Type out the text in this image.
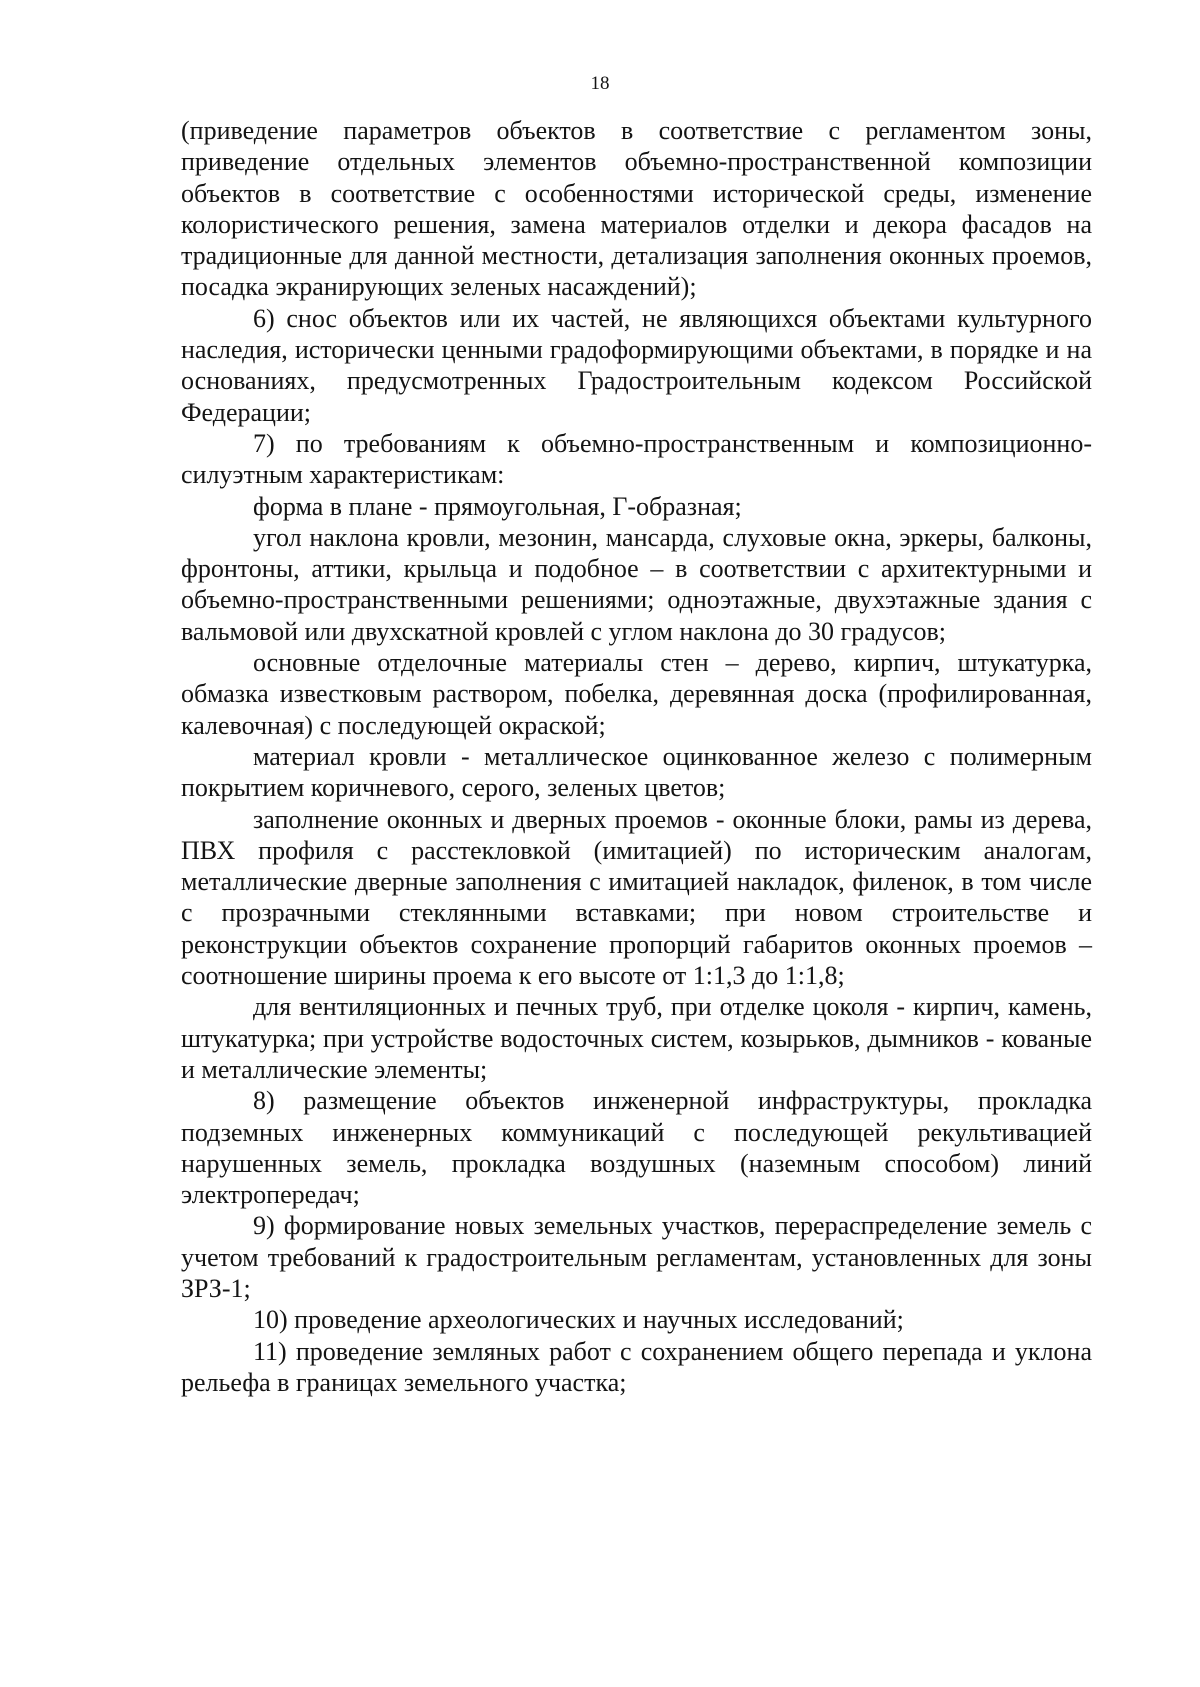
18

(приведение параметров объектов в соответствие с регламентом зоны, приведение отдельных элементов объемно-пространственной композиции объектов в соответствие с особенностями исторической среды, изменение колористического решения, замена материалов отделки и декора фасадов на традиционные для данной местности, детализация заполнения оконных проемов, посадка экранирующих зеленых насаждений);

6) снос объектов или их частей, не являющихся объектами культурного наследия, исторически ценными градоформирующими объектами, в порядке и на основаниях, предусмотренных Градостроительным кодексом Российской Федерации;

7) по требованиям к объемно-пространственным и композиционно-силуэтным характеристикам:

форма в плане - прямоугольная, Г-образная;

угол наклона кровли, мезонин, мансарда, слуховые окна, эркеры, балконы, фронтоны, аттики, крыльца и подобное – в соответствии с архитектурными и объемно-пространственными решениями; одноэтажные, двухэтажные здания с вальмовой или двухскатной кровлей с углом наклона до 30 градусов;

основные отделочные материалы стен – дерево, кирпич, штукатурка, обмазка известковым раствором, побелка, деревянная доска (профилированная, калевочная) с последующей окраской;

материал кровли - металлическое оцинкованное железо с полимерным покрытием коричневого, серого, зеленых цветов;

заполнение оконных и дверных проемов - оконные блоки, рамы из дерева, ПВХ профиля с расстекловкой (имитацией) по историческим аналогам, металлические дверные заполнения с имитацией накладок, филенок, в том числе с прозрачными стеклянными вставками; при новом строительстве и реконструкции объектов сохранение пропорций габаритов оконных проемов – соотношение ширины проема к его высоте от 1:1,3 до 1:1,8;

для вентиляционных и печных труб, при отделке цоколя - кирпич, камень, штукатурка; при устройстве водосточных систем, козырьков, дымников - кованые и металлические элементы;

8) размещение объектов инженерной инфраструктуры, прокладка подземных инженерных коммуникаций с последующей рекультивацией нарушенных земель, прокладка воздушных (наземным способом) линий электропередач;

9) формирование новых земельных участков, перераспределение земель с учетом требований к градостроительным регламентам, установленных для зоны ЗРЗ-1;

10) проведение археологических и научных исследований;

11) проведение земляных работ с сохранением общего перепада и уклона рельефа в границах земельного участка;
